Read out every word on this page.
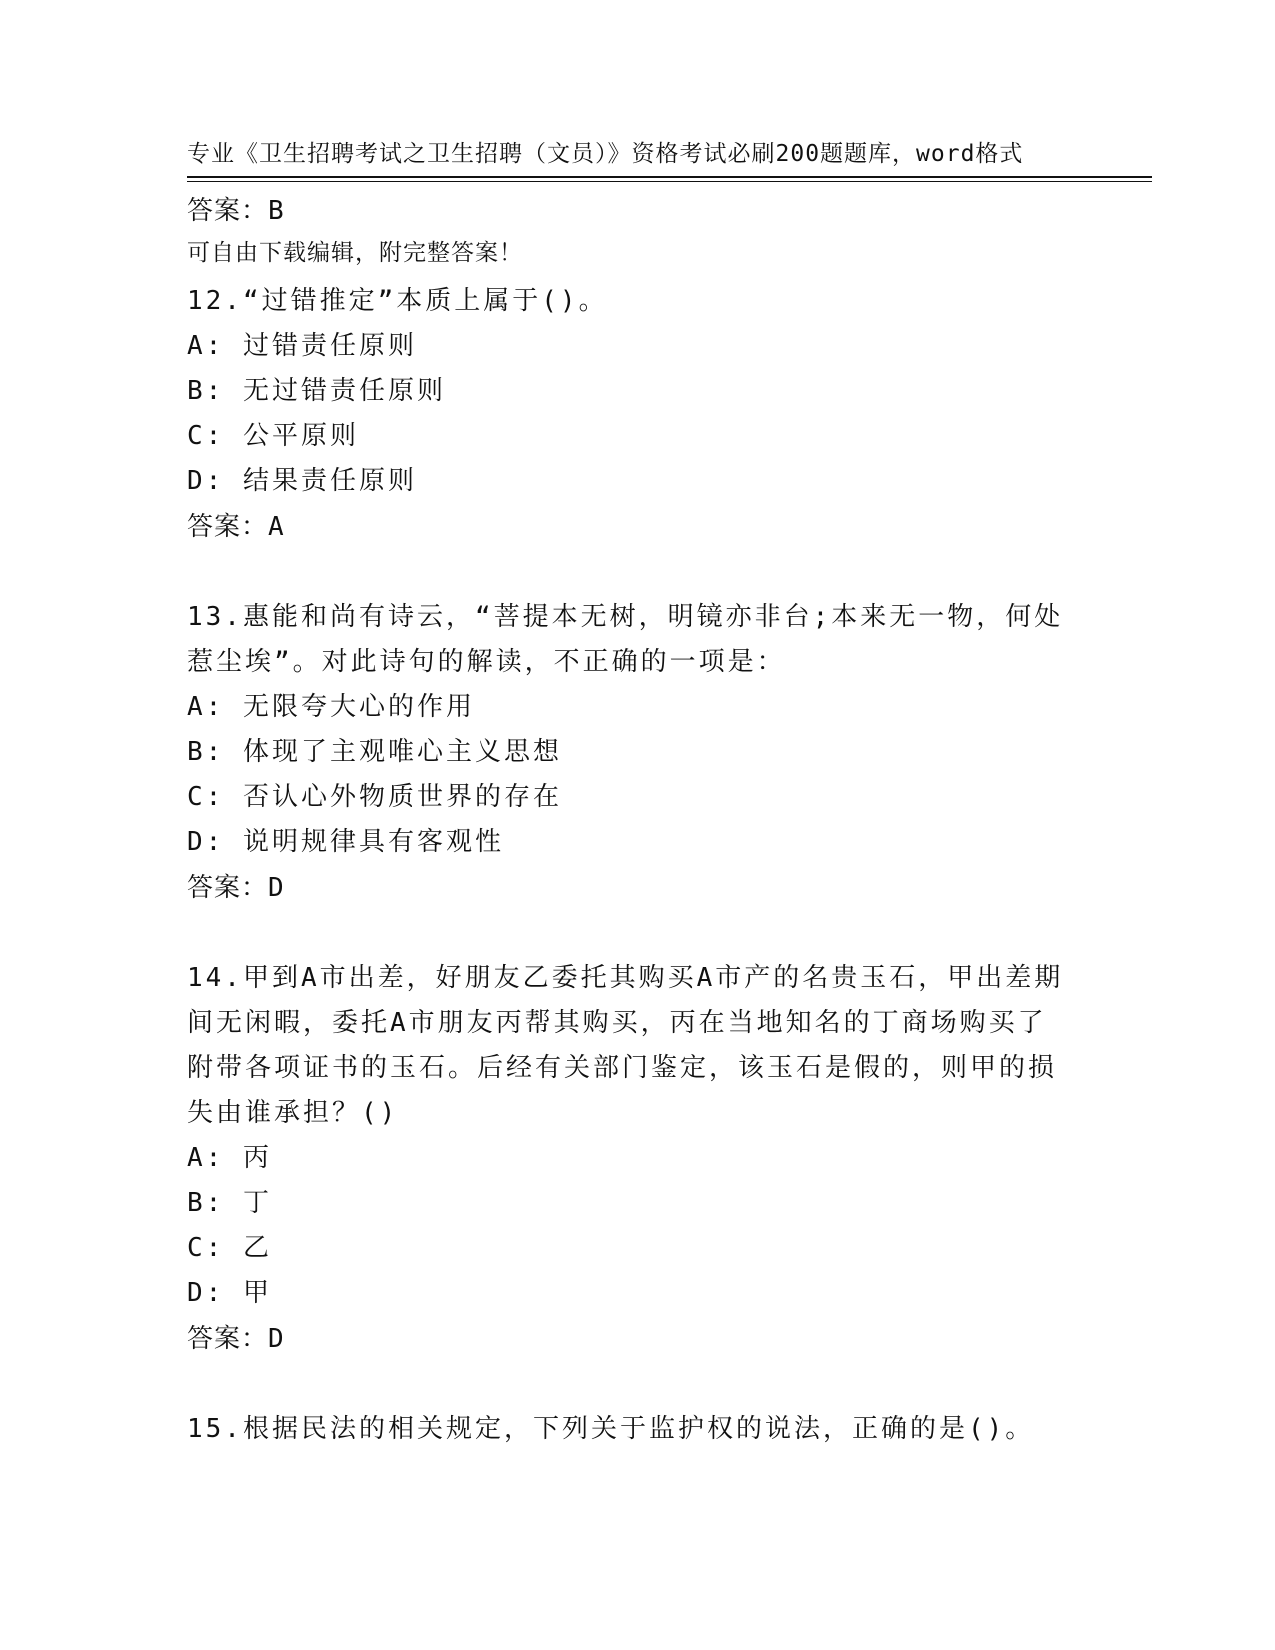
专业《卫生招聘考试之卫生招聘（文员）》资格考试必刷200题题库，word格式

可自由下载编辑，附完整答案！

答案：B
12.“过错推定”本质上属于()。
A: 过错责任原则
B: 无过错责任原则
C: 公平原则
D: 结果责任原则
答案：A
13.惠能和尚有诗云，“菩提本无树，明镜亦非台;本来无一物，何处
惹尘埃”。对此诗句的解读，不正确的一项是：
A: 无限夸大心的作用
B: 体现了主观唯心主义思想
C: 否认心外物质世界的存在
D: 说明规律具有客观性
答案：D
14.甲到A市出差，好朋友乙委托其购买A市产的名贵玉石，甲出差期
间无闲暇，委托A市朋友丙帮其购买，丙在当地知名的丁商场购买了
附带各项证书的玉石。后经有关部门鉴定，该玉石是假的，则甲的损
失由谁承担？()
A: 丙
B: 丁
C: 乙
D: 甲
答案：D
15.根据民法的相关规定，下列关于监护权的说法，正确的是()。
